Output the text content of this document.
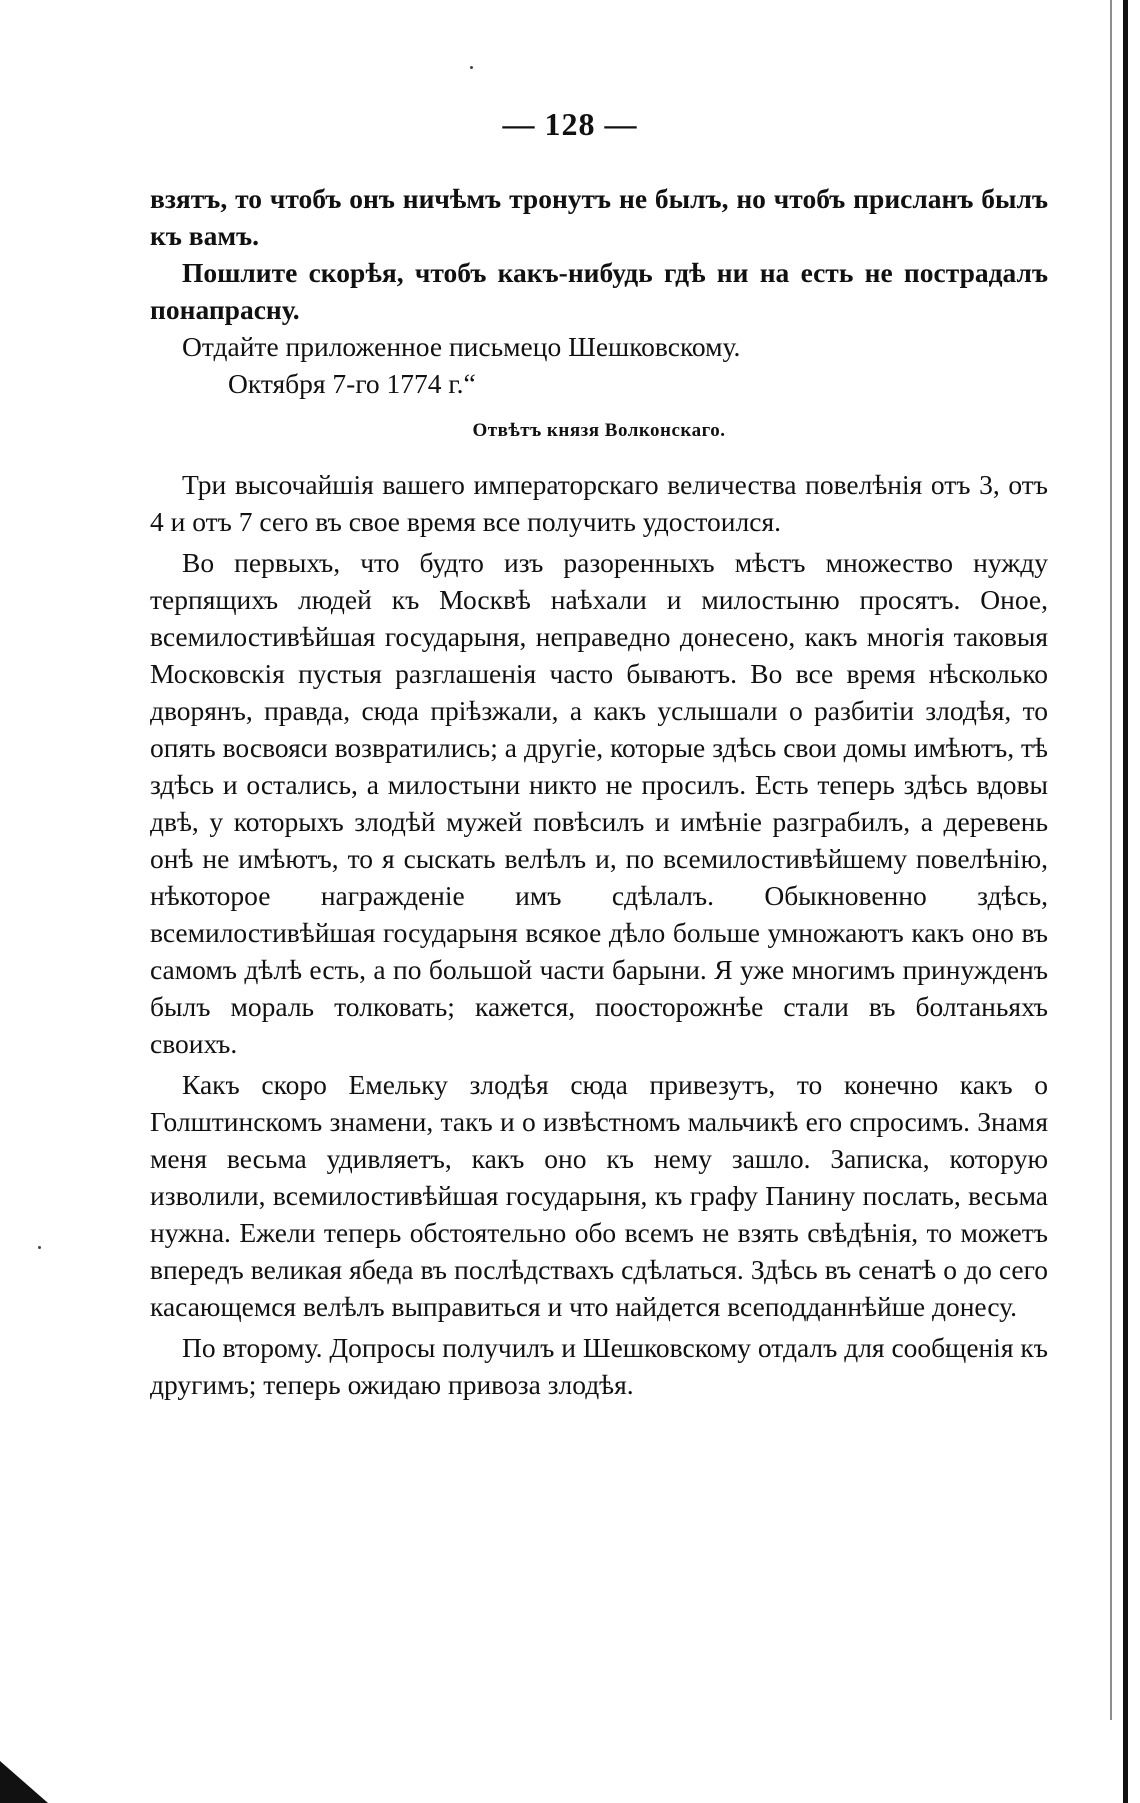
— 128 —

взятъ, то чтобъ онъ ничѣмъ тронутъ не былъ, но чтобъ присланъ былъ къ вамъ.

Пошлите скорѣя, чтобъ какъ-нибудь гдѣ ни на есть не пострадалъ понапрасну.

Отдайте приложенное письмецо Шешковскому.

Октября 7-го 1774 г.“

Отвѣтъ князя Волконскаго.

Три высочайшія вашего императорскаго величества повелѣнія отъ 3, отъ 4 и отъ 7 сего въ свое время все получить удостоился.

Во первыхъ, что будто изъ разоренныхъ мѣстъ множество нужду терпящихъ людей къ Москвѣ наѣхали и милостыню просятъ. Оное, всемилостивѣйшая государыня, неправедно донесено, какъ многія таковыя Московскія пустыя разглашенія часто бываютъ. Во все время нѣсколько дворянъ, правда, сюда пріѣзжали, а какъ услышали о разбитіи злодѣя, то опять восвояси возвратились; а другіе, которые здѣсь свои домы имѣютъ, тѣ здѣсь и остались, а милостыни никто не просилъ. Есть теперь здѣсь вдовы двѣ, у которыхъ злодѣй мужей повѣсилъ и имѣніе разграбилъ, а деревень онѣ не имѣютъ, то я сыскать велѣлъ и, по всемилостивѣйшему повелѣнію, нѣкоторое награжденіе имъ сдѣлалъ. Обыкновенно здѣсь, всемилостивѣйшая государыня всякое дѣло больше умножаютъ какъ оно въ самомъ дѣлѣ есть, а по большой части барыни. Я уже многимъ принужденъ былъ мораль толковать; кажется, поосторожнѣе стали въ болтаньяхъ своихъ.

Какъ скоро Емельку злодѣя сюда привезутъ, то конечно какъ о Голштинскомъ знамени, такъ и о извѣстномъ мальчикѣ его спросимъ. Знамя меня весьма удивляетъ, какъ оно къ нему зашло. Записка, которую изволили, всемилостивѣйшая государыня, къ графу Панину послать, весьма нужна. Ежели теперь обстоятельно обо всемъ не взять свѣдѣнія, то можетъ впередъ великая ябеда въ послѣдствахъ сдѣлаться. Здѣсь въ сенатѣ о до сего касающемся велѣлъ выправиться и что найдется всеподданнѣйше донесу.

По второму. Допросы получилъ и Шешковскому отдалъ для сообщенія къ другимъ; теперь ожидаю привоза злодѣя.
